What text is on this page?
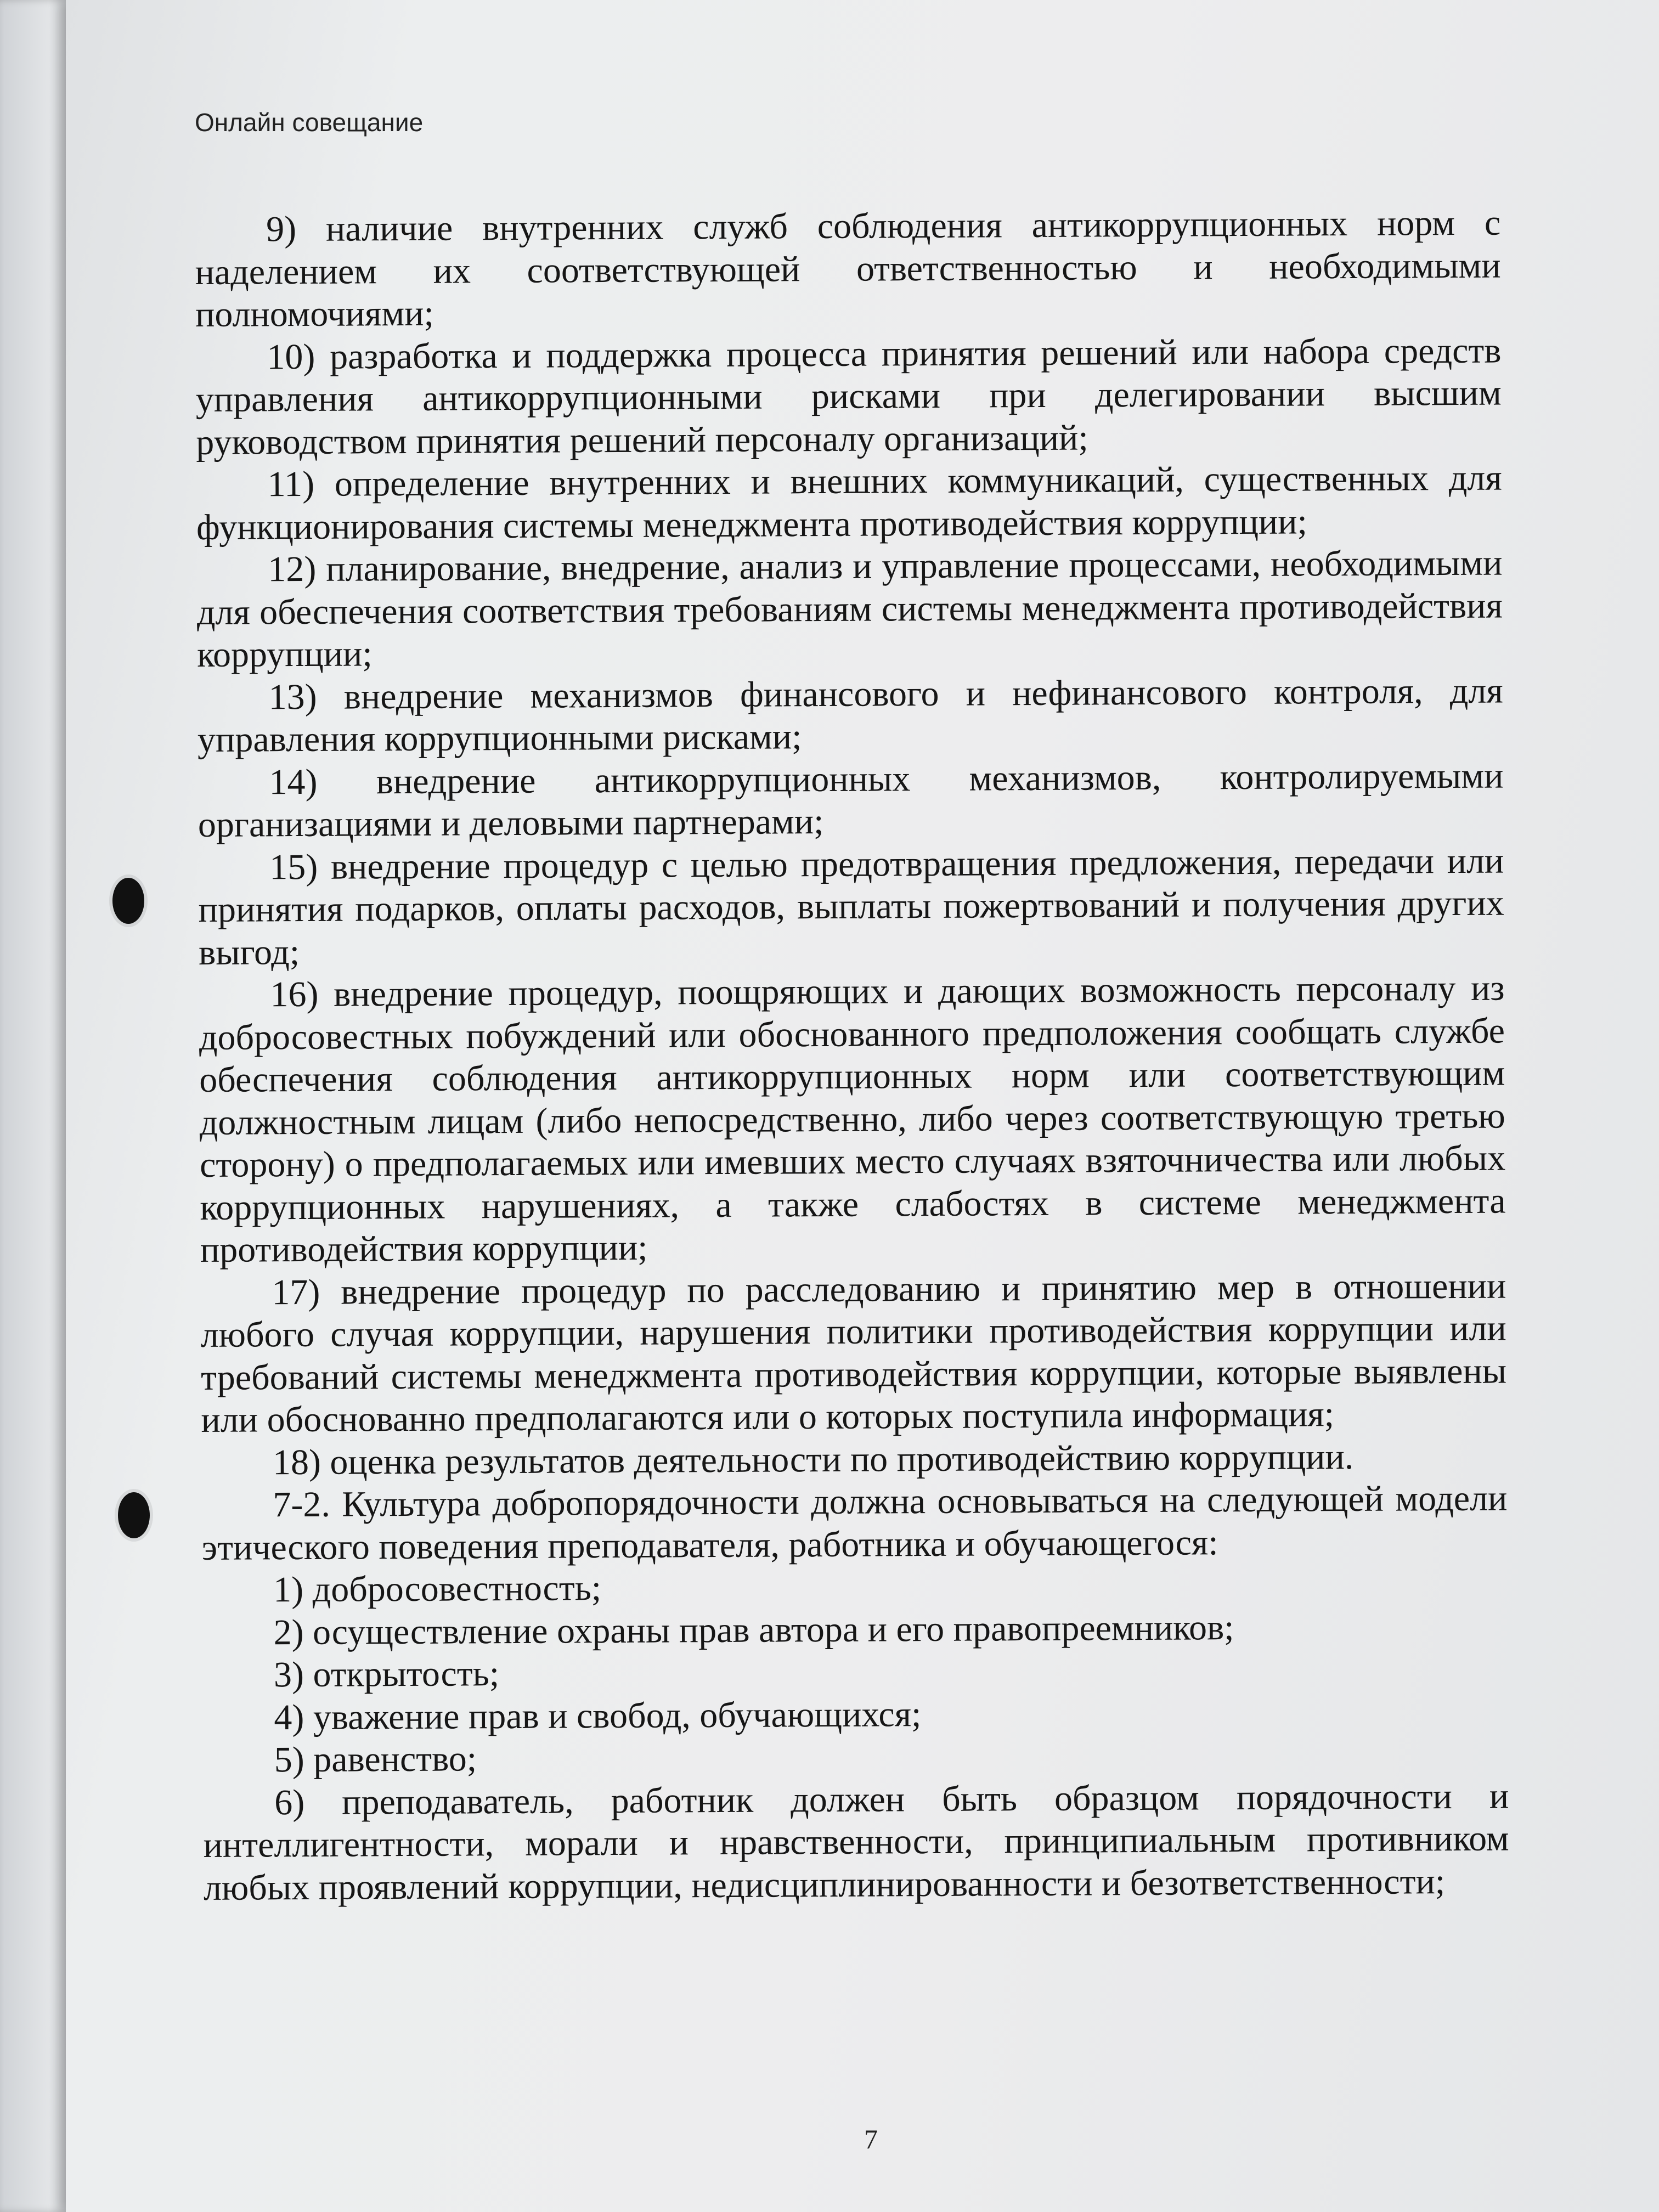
Онлайн совещание

9) наличие внутренних служб соблюдения антикоррупционных норм с наделением их соответствующей ответственностью и необходимыми полномочиями;

10) разработка и поддержка процесса принятия решений или набора средств управления антикоррупционными рисками при делегировании высшим руководством принятия решений персоналу организаций;

11) определение внутренних и внешних коммуникаций, существенных для функционирования системы менеджмента противодействия коррупции;

12) планирование, внедрение, анализ и управление процессами, необходимыми для обеспечения соответствия требованиям системы менеджмента противодействия коррупции;

13) внедрение механизмов финансового и нефинансового контроля, для управления коррупционными рисками;

14) внедрение антикоррупционных механизмов, контролируемыми организациями и деловыми партнерами;

15) внедрение процедур с целью предотвращения предложения, передачи или принятия подарков, оплаты расходов, выплаты пожертвований и получения других выгод;

16) внедрение процедур, поощряющих и дающих возможность персоналу из добросовестных побуждений или обоснованного предположения сообщать службе обеспечения соблюдения антикоррупционных норм или соответствующим должностным лицам (либо непосредственно, либо через соответствующую третью сторону) о предполагаемых или имевших место случаях взяточничества или любых коррупционных нарушениях, а также слабостях в системе менеджмента противодействия коррупции;

17) внедрение процедур по расследованию и принятию мер в отношении любого случая коррупции, нарушения политики противодействия коррупции или требований системы менеджмента противодействия коррупции, которые выявлены или обоснованно предполагаются или о которых поступила информация;

18) оценка результатов деятельности по противодействию коррупции.

7-2. Культура добропорядочности должна основываться на следующей модели этического поведения преподавателя, работника и обучающегося:

1) добросовестность;

2) осуществление охраны прав автора и его правопреемников;

3) открытость;

4) уважение прав и свобод, обучающихся;

5) равенство;

6) преподаватель, работник должен быть образцом порядочности и интеллигентности, морали и нравственности, принципиальным противником любых проявлений коррупции, недисциплинированности и безответственности;

7
